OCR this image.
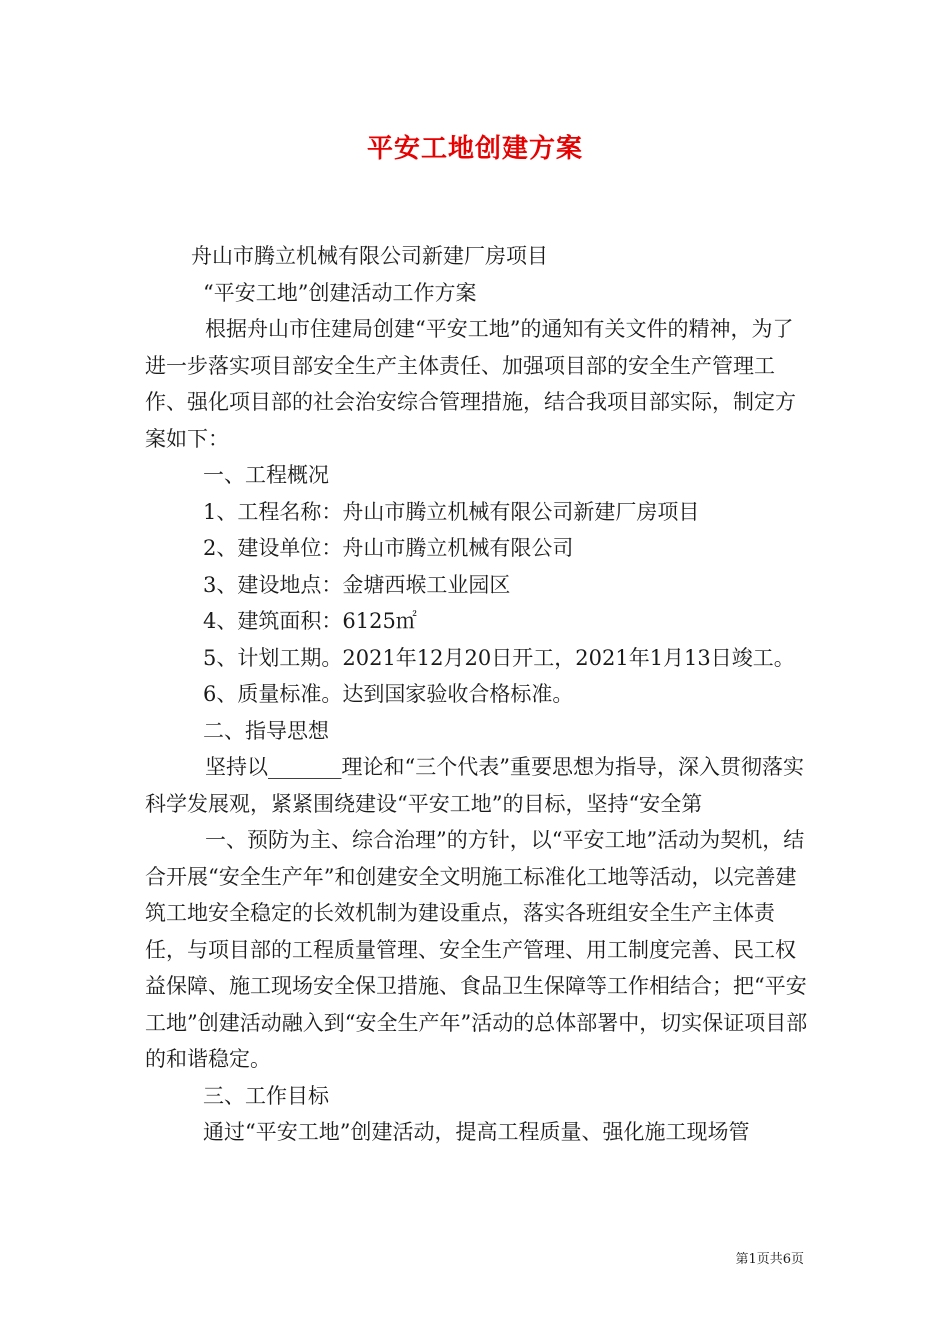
平安工地创建方案

舟山市腾立机械有限公司新建厂房项目

“平安工地”创建活动工作方案

根据舟山市住建局创建“平安工地”的通知有关文件的精神，为了进一步落实项目部安全生产主体责任、加强项目部的安全生产管理工作、强化项目部的社会治安综合管理措施，结合我项目部实际，制定方案如下：

一、工程概况

1、工程名称：舟山市腾立机械有限公司新建厂房项目

2、建设单位：舟山市腾立机械有限公司

3、建设地点：金塘西堠工业园区

4、建筑面积：6125㎡

5、计划工期。2021年12月20日开工，2021年1月13日竣工。

6、质量标准。达到国家验收合格标准。

二、指导思想

坚持以_______理论和“三个代表”重要思想为指导，深入贯彻落实科学发展观，紧紧围绕建设“平安工地”的目标，坚持“安全第

一、预防为主、综合治理”的方针，以“平安工地”活动为契机，结合开展“安全生产年”和创建安全文明施工标准化工地等活动，以完善建筑工地安全稳定的长效机制为建设重点，落实各班组安全生产主体责任，与项目部的工程质量管理、安全生产管理、用工制度完善、民工权益保障、施工现场安全保卫措施、食品卫生保障等工作相结合；把“平安工地”创建活动融入到“安全生产年”活动的总体部署中，切实保证项目部的和谐稳定。

三、工作目标

通过“平安工地”创建活动，提高工程质量、强化施工现场管

第1页共6页
